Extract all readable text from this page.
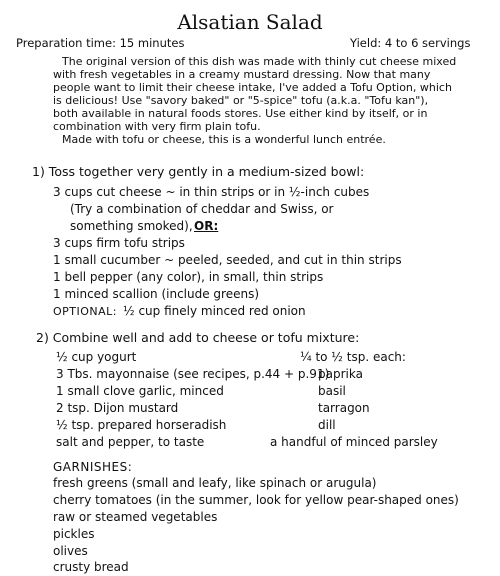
Alsatian Salad
Preparation time: 15 minutes	Yield: 4 to 6 servings
The original version of this dish was made with thinly cut cheese mixed
with fresh vegetables in a creamy mustard dressing. Now that many
people want to limit their cheese intake, I've added a Tofu Option, which
is delicious! Use "savory baked" or "5-spice" tofu (a.k.a. "Tofu kan"),
both available in natural foods stores. Use either kind by itself, or in
combination with very firm plain tofu.
Made with tofu or cheese, this is a wonderful lunch entrée.
1) Toss together very gently in a medium-sized bowl:
3 cups cut cheese ~ in thin strips or in ½-inch cubes
(Try a combination of cheddar and Swiss, or
something smoked), OR:
3 cups firm tofu strips
1 small cucumber ~ peeled, seeded, and cut in thin strips
1 bell pepper (any color), in small, thin strips
1 minced scallion (include greens)
OPTIONAL: ½ cup finely minced red onion
2) Combine well and add to cheese or tofu mixture:
½ cup yogurt
3 Tbs. mayonnaise (see recipes, p.44 + p.91)
1 small clove garlic, minced
2 tsp. Dijon mustard
½ tsp. prepared horseradish
salt and pepper, to taste
¼ to ½ tsp. each:
paprika
basil
tarragon
dill
a handful of minced parsley
GARNISHES:
fresh greens (small and leafy, like spinach or arugula)
cherry tomatoes (in the summer, look for yellow pear-shaped ones)
raw or steamed vegetables
pickles
olives
crusty bread
